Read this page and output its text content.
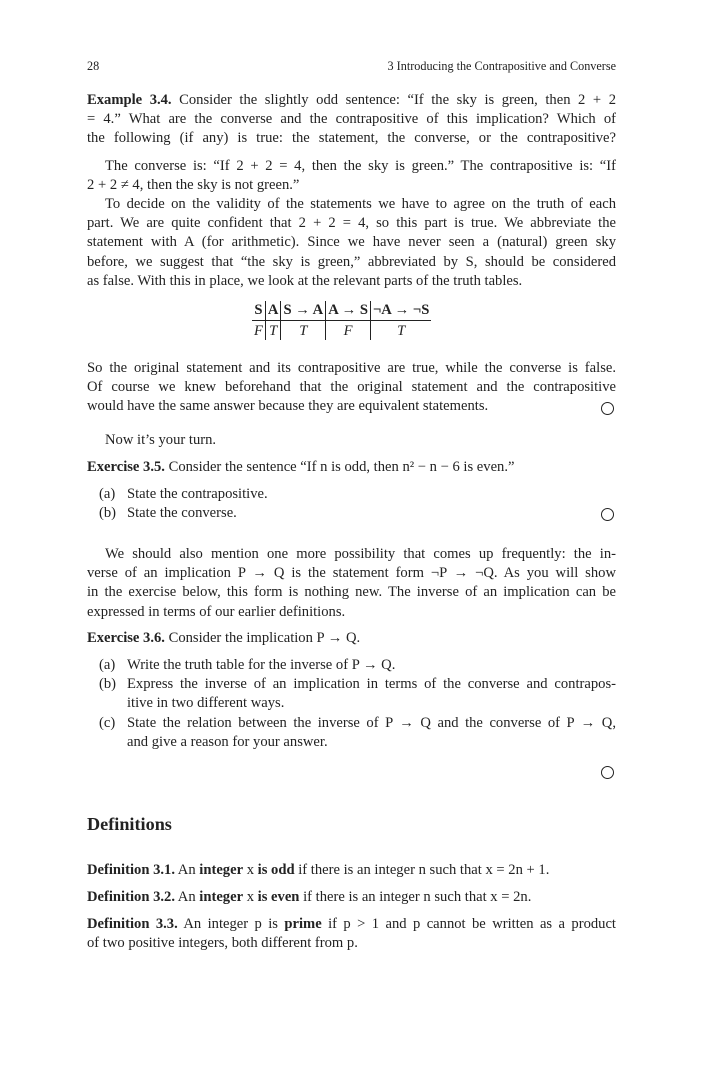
28	3 Introducing the Contrapositive and Converse
Example 3.4. Consider the slightly odd sentence: “If the sky is green, then 2 + 2
= 4.” What are the converse and the contrapositive of this implication? Which of
the following (if any) is true: the statement, the converse, or the contrapositive?
The converse is: “If 2 + 2 = 4, then the sky is green.” The contrapositive is: “If
2 + 2 ≠ 4, then the sky is not green.”
To decide on the validity of the statements we have to agree on the truth of each
part. We are quite confident that 2 + 2 = 4, so this part is true. We abbreviate the
statement with A (for arithmetic). Since we have never seen a (natural) green sky
before, we suggest that “the sky is green,” abbreviated by S, should be considered
as false. With this in place, we look at the relevant parts of the truth tables.
S	A	S → A	A → S	¬A → ¬S
F	T	T	F	T
So the original statement and its contrapositive are true, while the converse is false.
Of course we knew beforehand that the original statement and the contrapositive
would have the same answer because they are equivalent statements.
Now it’s your turn.
Exercise 3.5. Consider the sentence “If n is odd, then n² − n − 6 is even.”
(a) State the contrapositive.
(b) State the converse.
We should also mention one more possibility that comes up frequently: the in-
verse of an implication P → Q is the statement form ¬P → ¬Q. As you will show
in the exercise below, this form is nothing new. The inverse of an implication can be
expressed in terms of our earlier definitions.
Exercise 3.6. Consider the implication P → Q.
(a) Write the truth table for the inverse of P → Q.
(b) Express the inverse of an implication in terms of the converse and contrapos-
itive in two different ways.
(c) State the relation between the inverse of P → Q and the converse of P → Q,
and give a reason for your answer.
Definitions
Definition 3.1. An integer x is odd if there is an integer n such that x = 2n + 1.
Definition 3.2. An integer x is even if there is an integer n such that x = 2n.
Definition 3.3. An integer p is prime if p > 1 and p cannot be written as a product
of two positive integers, both different from p.
